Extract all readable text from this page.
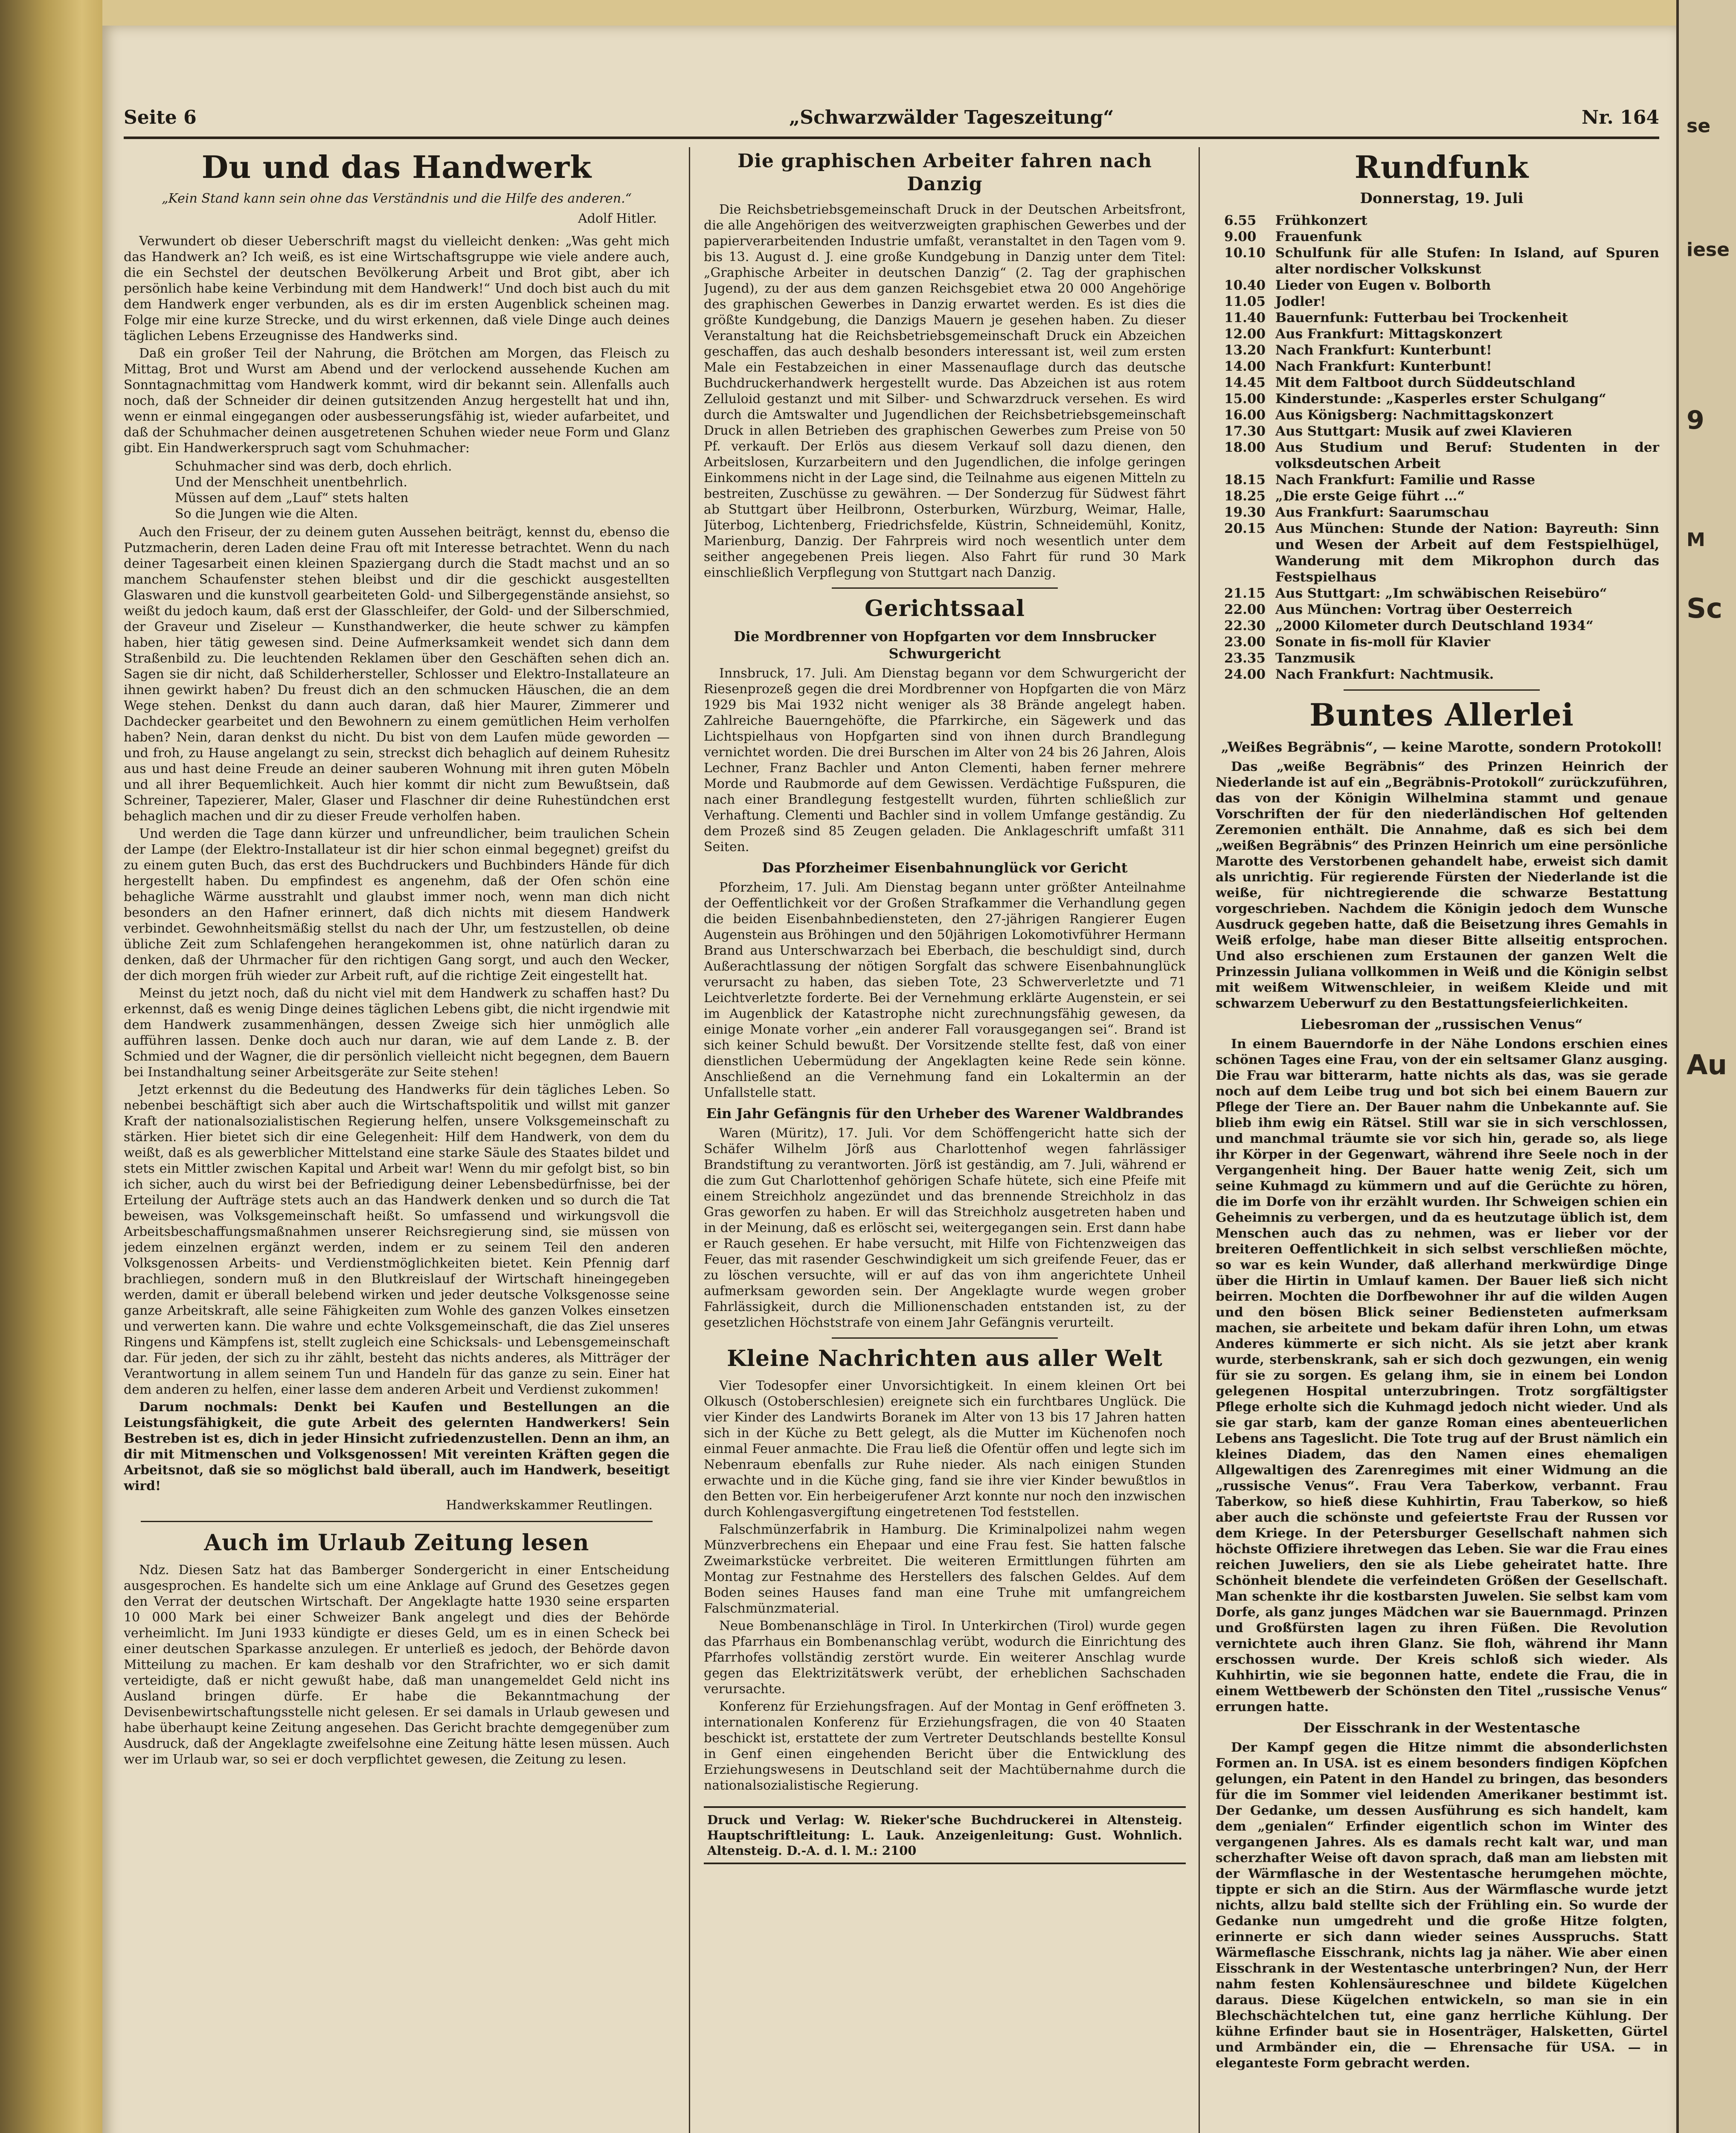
se
iese
9
M
Sc
Au
Seite 6	„Schwarzwälder Tageszeitung“	Nr. 164
Du und das Handwerk
„Kein Stand kann sein ohne das Verständnis und die Hilfe des anderen.“
Adolf Hitler.

Verwundert ob dieser Ueberschrift magst du vielleicht denken: „Was geht mich das Handwerk an? Ich weiß, es ist eine Wirtschaftsgruppe wie viele andere auch, die ein Sechstel der deutschen Bevölkerung Arbeit und Brot gibt, aber ich persönlich habe keine Verbindung mit dem Handwerk!“ Und doch bist auch du mit dem Handwerk enger verbunden, als es dir im ersten Augenblick scheinen mag. Folge mir eine kurze Strecke, und du wirst erkennen, daß viele Dinge auch deines täglichen Lebens Erzeugnisse des Handwerks sind.

Daß ein großer Teil der Nahrung, die Brötchen am Morgen, das Fleisch zu Mittag, Brot und Wurst am Abend und der verlockend aussehende Kuchen am Sonntagnachmittag vom Handwerk kommt, wird dir bekannt sein. Allenfalls auch noch, daß der Schneider dir deinen gutsitzenden Anzug hergestellt hat und ihn, wenn er einmal eingegangen oder ausbesserungsfähig ist, wieder aufarbeitet, und daß der Schuhmacher deinen ausgetretenen Schuhen wieder neue Form und Glanz gibt. Ein Handwerkerspruch sagt vom Schuhmacher:

Schuhmacher sind was derb, doch ehrlich.
Und der Menschheit unentbehrlich.
Müssen auf dem „Lauf“ stets halten
So die Jungen wie die Alten.

Auch den Friseur, der zu deinem guten Aussehen beiträgt, kennst du, ebenso die Putzmacherin, deren Laden deine Frau oft mit Interesse betrachtet. Wenn du nach deiner Tagesarbeit einen kleinen Spaziergang durch die Stadt machst und an so manchem Schaufenster stehen bleibst und dir die geschickt ausgestellten Glaswaren und die kunstvoll gearbeiteten Gold- und Silbergegenstände ansiehst, so weißt du jedoch kaum, daß erst der Glasschleifer, der Gold- und der Silberschmied, der Graveur und Ziseleur — Kunsthandwerker, die heute schwer zu kämpfen haben, hier tätig gewesen sind. Deine Aufmerksamkeit wendet sich dann dem Straßenbild zu. Die leuchtenden Reklamen über den Geschäften sehen dich an. Sagen sie dir nicht, daß Schilderhersteller, Schlosser und Elektro-Installateure an ihnen gewirkt haben? Du freust dich an den schmucken Häuschen, die an dem Wege stehen. Denkst du dann auch daran, daß hier Maurer, Zimmerer und Dachdecker gearbeitet und den Bewohnern zu einem gemütlichen Heim verholfen haben? Nein, daran denkst du nicht. Du bist von dem Laufen müde geworden — und froh, zu Hause angelangt zu sein, streckst dich behaglich auf deinem Ruhesitz aus und hast deine Freude an deiner sauberen Wohnung mit ihren guten Möbeln und all ihrer Bequemlichkeit. Auch hier kommt dir nicht zum Bewußtsein, daß Schreiner, Tapezierer, Maler, Glaser und Flaschner dir deine Ruhestündchen erst behaglich machen und dir zu dieser Freude verholfen haben.

Und werden die Tage dann kürzer und unfreundlicher, beim traulichen Schein der Lampe (der Elektro-Installateur ist dir hier schon einmal begegnet) greifst du zu einem guten Buch, das erst des Buchdruckers und Buchbinders Hände für dich hergestellt haben. Du empfindest es angenehm, daß der Ofen schön eine behagliche Wärme ausstrahlt und glaubst immer noch, wenn man dich nicht besonders an den Hafner erinnert, daß dich nichts mit diesem Handwerk verbindet. Gewohnheitsmäßig stellst du nach der Uhr, um festzustellen, ob deine übliche Zeit zum Schlafengehen herangekommen ist, ohne natürlich daran zu denken, daß der Uhrmacher für den richtigen Gang sorgt, und auch den Wecker, der dich morgen früh wieder zur Arbeit ruft, auf die richtige Zeit eingestellt hat.

Meinst du jetzt noch, daß du nicht viel mit dem Handwerk zu schaffen hast? Du erkennst, daß es wenig Dinge deines täglichen Lebens gibt, die nicht irgendwie mit dem Handwerk zusammenhängen, dessen Zweige sich hier unmöglich alle aufführen lassen. Denke doch auch nur daran, wie auf dem Lande z. B. der Schmied und der Wagner, die dir persönlich vielleicht nicht begegnen, dem Bauern bei Instandhaltung seiner Arbeitsgeräte zur Seite stehen!

Jetzt erkennst du die Bedeutung des Handwerks für dein tägliches Leben. So nebenbei beschäftigt sich aber auch die Wirtschaftspolitik und willst mit ganzer Kraft der nationalsozialistischen Regierung helfen, unsere Volksgemeinschaft zu stärken. Hier bietet sich dir eine Gelegenheit: Hilf dem Handwerk, von dem du weißt, daß es als gewerblicher Mittelstand eine starke Säule des Staates bildet und stets ein Mittler zwischen Kapital und Arbeit war! Wenn du mir gefolgt bist, so bin ich sicher, auch du wirst bei der Befriedigung deiner Lebensbedürfnisse, bei der Erteilung der Aufträge stets auch an das Handwerk denken und so durch die Tat beweisen, was Volksgemeinschaft heißt. So umfassend und wirkungsvoll die Arbeitsbeschaffungsmaßnahmen unserer Reichsregierung sind, sie müssen von jedem einzelnen ergänzt werden, indem er zu seinem Teil den anderen Volksgenossen Arbeits- und Verdienstmöglichkeiten bietet. Kein Pfennig darf brachliegen, sondern muß in den Blutkreislauf der Wirtschaft hineingegeben werden, damit er überall belebend wirken und jeder deutsche Volksgenosse seine ganze Arbeitskraft, alle seine Fähigkeiten zum Wohle des ganzen Volkes einsetzen und verwerten kann. Die wahre und echte Volksgemeinschaft, die das Ziel unseres Ringens und Kämpfens ist, stellt zugleich eine Schicksals- und Lebensgemeinschaft dar. Für jeden, der sich zu ihr zählt, besteht das nichts anderes, als Mitträger der Verantwortung in allem seinem Tun und Handeln für das ganze zu sein. Einer hat dem anderen zu helfen, einer lasse dem anderen Arbeit und Verdienst zukommen!

Darum nochmals: Denkt bei Kaufen und Bestellungen an die Leistungsfähigkeit, die gute Arbeit des gelernten Handwerkers! Sein Bestreben ist es, dich in jeder Hinsicht zufriedenzustellen. Denn an ihm, an dir mit Mitmenschen und Volksgenossen! Mit vereinten Kräften gegen die Arbeitsnot, daß sie so möglichst bald überall, auch im Handwerk, beseitigt wird!

Handwerkskammer Reutlingen.
Auch im Urlaub Zeitung lesen

Ndz. Diesen Satz hat das Bamberger Sondergericht in einer Entscheidung ausgesprochen. Es handelte sich um eine Anklage auf Grund des Gesetzes gegen den Verrat der deutschen Wirtschaft. Der Angeklagte hatte 1930 seine ersparten 10 000 Mark bei einer Schweizer Bank angelegt und dies der Behörde verheimlicht. Im Juni 1933 kündigte er dieses Geld, um es in einen Scheck bei einer deutschen Sparkasse anzulegen. Er unterließ es jedoch, der Behörde davon Mitteilung zu machen. Er kam deshalb vor den Strafrichter, wo er sich damit verteidigte, daß er nicht gewußt habe, daß man unangemeldet Geld nicht ins Ausland bringen dürfe. Er habe die Bekanntmachung der Devisenbewirtschaftungsstelle nicht gelesen. Er sei damals in Urlaub gewesen und habe überhaupt keine Zeitung angesehen. Das Gericht brachte demgegenüber zum Ausdruck, daß der Angeklagte zweifelsohne eine Zeitung hätte lesen müssen. Auch wer im Urlaub war, so sei er doch verpflichtet gewesen, die Zeitung zu lesen.

Die graphischen Arbeiter fahren nach Danzig

Die Reichsbetriebsgemeinschaft Druck in der Deutschen Arbeitsfront, die alle Angehörigen des weitverzweigten graphischen Gewerbes und der papierverarbeitenden Industrie umfaßt, veranstaltet in den Tagen vom 9. bis 13. August d. J. eine große Kundgebung in Danzig unter dem Titel: „Graphische Arbeiter in deutschen Danzig“ (2. Tag der graphischen Jugend), zu der aus dem ganzen Reichsgebiet etwa 20 000 Angehörige des graphischen Gewerbes in Danzig erwartet werden. Es ist dies die größte Kundgebung, die Danzigs Mauern je gesehen haben. Zu dieser Veranstaltung hat die Reichsbetriebsgemeinschaft Druck ein Abzeichen geschaffen, das auch deshalb besonders interessant ist, weil zum ersten Male ein Festabzeichen in einer Massenauflage durch das deutsche Buchdruckerhandwerk hergestellt wurde. Das Abzeichen ist aus rotem Zelluloid gestanzt und mit Silber- und Schwarzdruck versehen. Es wird durch die Amtswalter und Jugendlichen der Reichsbetriebsgemeinschaft Druck in allen Betrieben des graphischen Gewerbes zum Preise von 50 Pf. verkauft. Der Erlös aus diesem Verkauf soll dazu dienen, den Arbeitslosen, Kurzarbeitern und den Jugendlichen, die infolge geringen Einkommens nicht in der Lage sind, die Teilnahme aus eigenen Mitteln zu bestreiten, Zuschüsse zu gewähren. — Der Sonderzug für Südwest fährt ab Stuttgart über Heilbronn, Osterburken, Würzburg, Weimar, Halle, Jüterbog, Lichtenberg, Friedrichsfelde, Küstrin, Schneidemühl, Konitz, Marienburg, Danzig. Der Fahrpreis wird noch wesentlich unter dem seither angegebenen Preis liegen. Also Fahrt für rund 30 Mark einschließlich Verpflegung von Stuttgart nach Danzig.

Gerichtssaal
Die Mordbrenner von Hopfgarten vor dem Innsbrucker Schwurgericht

Innsbruck, 17. Juli. Am Dienstag begann vor dem Schwurgericht der Riesenprozeß gegen die drei Mordbrenner von Hopfgarten die von März 1929 bis Mai 1932 nicht weniger als 38 Brände angelegt haben. Zahlreiche Bauerngehöfte, die Pfarrkirche, ein Sägewerk und das Lichtspielhaus von Hopfgarten sind von ihnen durch Brandlegung vernichtet worden. Die drei Burschen im Alter von 24 bis 26 Jahren, Alois Lechner, Franz Bachler und Anton Clementi, haben ferner mehrere Morde und Raubmorde auf dem Gewissen. Verdächtige Fußspuren, die nach einer Brandlegung festgestellt wurden, führten schließlich zur Verhaftung. Clementi und Bachler sind in vollem Umfange geständig. Zu dem Prozeß sind 85 Zeugen geladen. Die Anklageschrift umfaßt 311 Seiten.

Das Pforzheimer Eisenbahnunglück vor Gericht

Pforzheim, 17. Juli. Am Dienstag begann unter größter Anteilnahme der Oeffentlichkeit vor der Großen Strafkammer die Verhandlung gegen die beiden Eisenbahnbediensteten, den 27-jährigen Rangierer Eugen Augenstein aus Bröhingen und den 50jährigen Lokomotivführer Hermann Brand aus Unterschwarzach bei Eberbach, die beschuldigt sind, durch Außerachtlassung der nötigen Sorgfalt das schwere Eisenbahnunglück verursacht zu haben, das sieben Tote, 23 Schwerverletzte und 71 Leichtverletzte forderte. Bei der Vernehmung erklärte Augenstein, er sei im Augenblick der Katastrophe nicht zurechnungsfähig gewesen, da einige Monate vorher „ein anderer Fall vorausgegangen sei“. Brand ist sich keiner Schuld bewußt. Der Vorsitzende stellte fest, daß von einer dienstlichen Uebermüdung der Angeklagten keine Rede sein könne. Anschließend an die Vernehmung fand ein Lokaltermin an der Unfallstelle statt.

Ein Jahr Gefängnis für den Urheber des Warener Waldbrandes

Waren (Müritz), 17. Juli. Vor dem Schöffengericht hatte sich der Schäfer Wilhelm Jörß aus Charlottenhof wegen fahrlässiger Brandstiftung zu verantworten. Jörß ist geständig, am 7. Juli, während er die zum Gut Charlottenhof gehörigen Schafe hütete, sich eine Pfeife mit einem Streichholz angezündet und das brennende Streichholz in das Gras geworfen zu haben. Er will das Streichholz ausgetreten haben und in der Meinung, daß es erlöscht sei, weitergegangen sein. Erst dann habe er Rauch gesehen. Er habe versucht, mit Hilfe von Fichtenzweigen das Feuer, das mit rasender Geschwindigkeit um sich greifende Feuer, das er zu löschen versuchte, will er auf das von ihm angerichtete Unheil aufmerksam geworden sein. Der Angeklagte wurde wegen grober Fahrlässigkeit, durch die Millionenschaden entstanden ist, zu der gesetzlichen Höchststrafe von einem Jahr Gefängnis verurteilt.

Kleine Nachrichten aus aller Welt

Vier Todesopfer einer Unvorsichtigkeit. In einem kleinen Ort bei Olkusch (Ostoberschlesien) ereignete sich ein furchtbares Unglück. Die vier Kinder des Landwirts Boranek im Alter von 13 bis 17 Jahren hatten sich in der Küche zu Bett gelegt, als die Mutter im Küchenofen noch einmal Feuer anmachte. Die Frau ließ die Ofentür offen und legte sich im Nebenraum ebenfalls zur Ruhe nieder. Als nach einigen Stunden erwachte und in die Küche ging, fand sie ihre vier Kinder bewußtlos in den Betten vor. Ein herbeigerufener Arzt konnte nur noch den inzwischen durch Kohlengasvergiftung eingetretenen Tod feststellen.

Falschmünzerfabrik in Hamburg. Die Kriminalpolizei nahm wegen Münzverbrechens ein Ehepaar und eine Frau fest. Sie hatten falsche Zweimarkstücke verbreitet. Die weiteren Ermittlungen führten am Montag zur Festnahme des Herstellers des falschen Geldes. Auf dem Boden seines Hauses fand man eine Truhe mit umfangreichem Falschmünzmaterial.

Neue Bombenanschläge in Tirol. In Unterkirchen (Tirol) wurde gegen das Pfarrhaus ein Bombenanschlag verübt, wodurch die Einrichtung des Pfarrhofes vollständig zerstört wurde. Ein weiterer Anschlag wurde gegen das Elektrizitätswerk verübt, der erheblichen Sachschaden verursachte.

Konferenz für Erziehungsfragen. Auf der Montag in Genf eröffneten 3. internationalen Konferenz für Erziehungsfragen, die von 40 Staaten beschickt ist, erstattete der zum Vertreter Deutschlands bestellte Konsul in Genf einen eingehenden Bericht über die Entwicklung des Erziehungswesens in Deutschland seit der Machtübernahme durch die nationalsozialistische Regierung.

Druck und Verlag: W. Rieker'sche Buchdruckerei in Altensteig. Hauptschriftleitung: L. Lauk. Anzeigenleitung: Gust. Wohnlich. Altensteig. D.-A. d. l. M.: 2100
Rundfunk
Donnerstag, 19. Juli
6.55	Frühkonzert
9.00	Frauenfunk
10.10 Schulfunk für alle Stufen: In Island, auf Spuren alter nordischer Volkskunst
10.40 Lieder von Eugen v. Bolborth
11.05 Jodler!
11.40 Bauernfunk: Futterbau bei Trockenheit
12.00 Aus Frankfurt: Mittagskonzert
13.20 Nach Frankfurt: Kunterbunt!
14.00 Nach Frankfurt: Kunterbunt!
14.45 Mit dem Faltboot durch Süddeutschland
15.00 Kinderstunde: „Kasperles erster Schulgang“
16.00 Aus Königsberg: Nachmittagskonzert
17.30 Aus Stuttgart: Musik auf zwei Klavieren
18.00 Aus Studium und Beruf: Studenten in der volksdeutschen Arbeit
18.15 Nach Frankfurt: Familie und Rasse
18.25 „Die erste Geige führt …“
19.30 Aus Frankfurt: Saarumschau
20.15 Aus München: Stunde der Nation: Bayreuth: Sinn und Wesen der Arbeit auf dem Festspielhügel, Wanderung mit dem Mikrophon durch das Festspielhaus
21.15 Aus Stuttgart: „Im schwäbischen Reisebüro“
22.00 Aus München: Vortrag über Oesterreich
22.30 „2000 Kilometer durch Deutschland 1934“
23.00 Sonate in fis-moll für Klavier
23.35 Tanzmusik
24.00 Nach Frankfurt: Nachtmusik.
Buntes Allerlei
„Weißes Begräbnis“, — keine Marotte, sondern Protokoll!

Das „weiße Begräbnis“ des Prinzen Heinrich der Niederlande ist auf ein „Begräbnis-Protokoll“ zurückzuführen, das von der Königin Wilhelmina stammt und genaue Vorschriften der für den niederländischen Hof geltenden Zeremonien enthält. Die Annahme, daß es sich bei dem „weißen Begräbnis“ des Prinzen Heinrich um eine persönliche Marotte des Verstorbenen gehandelt habe, erweist sich damit als unrichtig. Für regierende Fürsten der Niederlande ist die weiße, für nichtregierende die schwarze Bestattung vorgeschrieben. Nachdem die Königin jedoch dem Wunsche Ausdruck gegeben hatte, daß die Beisetzung ihres Gemahls in Weiß erfolge, habe man dieser Bitte allseitig entsprochen. Und also erschienen zum Erstaunen der ganzen Welt die Prinzessin Juliana vollkommen in Weiß und die Königin selbst mit weißem Witwenschleier, in weißem Kleide und mit schwarzem Ueberwurf zu den Bestattungsfeierlichkeiten.

Liebesroman der „russischen Venus“

In einem Bauerndorfe in der Nähe Londons erschien eines schönen Tages eine Frau, von der ein seltsamer Glanz ausging. Die Frau war bitterarm, hatte nichts als das, was sie gerade noch auf dem Leibe trug und bot sich bei einem Bauern zur Pflege der Tiere an. Der Bauer nahm die Unbekannte auf. Sie blieb ihm ewig ein Rätsel. Still war sie in sich verschlossen, und manchmal träumte sie vor sich hin, gerade so, als liege ihr Körper in der Gegenwart, während ihre Seele noch in der Vergangenheit hing. Der Bauer hatte wenig Zeit, sich um seine Kuhmagd zu kümmern und auf die Gerüchte zu hören, die im Dorfe von ihr erzählt wurden. Ihr Schweigen schien ein Geheimnis zu verbergen, und da es heutzutage üblich ist, dem Menschen auch das zu nehmen, was er lieber vor der breiteren Oeffentlichkeit in sich selbst verschließen möchte, so war es kein Wunder, daß allerhand merkwürdige Dinge über die Hirtin in Umlauf kamen. Der Bauer ließ sich nicht beirren. Mochten die Dorfbewohner ihr auf die wilden Augen und den bösen Blick seiner Bediensteten aufmerksam machen, sie arbeitete und bekam dafür ihren Lohn, um etwas Anderes kümmerte er sich nicht. Als sie jetzt aber krank wurde, sterbenskrank, sah er sich doch gezwungen, ein wenig für sie zu sorgen. Es gelang ihm, sie in einem bei London gelegenen Hospital unterzubringen. Trotz sorgfältigster Pflege erholte sich die Kuhmagd jedoch nicht wieder. Und als sie gar starb, kam der ganze Roman eines abenteuerlichen Lebens ans Tageslicht. Die Tote trug auf der Brust nämlich ein kleines Diadem, das den Namen eines ehemaligen Allgewaltigen des Zarenregimes mit einer Widmung an die „russische Venus“. Frau Vera Taberkow, verbannt. Frau Taberkow, so hieß diese Kuhhirtin, Frau Taberkow, so hieß aber auch die schönste und gefeiertste Frau der Russen vor dem Kriege. In der Petersburger Gesellschaft nahmen sich höchste Offiziere ihretwegen das Leben. Sie war die Frau eines reichen Juweliers, den sie als Liebe geheiratet hatte. Ihre Schönheit blendete die verfeindeten Größen der Gesellschaft. Man schenkte ihr die kostbarsten Juwelen. Sie selbst kam vom Dorfe, als ganz junges Mädchen war sie Bauernmagd. Prinzen und Großfürsten lagen zu ihren Füßen. Die Revolution vernichtete auch ihren Glanz. Sie floh, während ihr Mann erschossen wurde. Der Kreis schloß sich wieder. Als Kuhhirtin, wie sie begonnen hatte, endete die Frau, die in einem Wettbewerb der Schönsten den Titel „russische Venus“ errungen hatte.

Der Eisschrank in der Westentasche

Der Kampf gegen die Hitze nimmt die absonderlichsten Formen an. In USA. ist es einem besonders findigen Köpfchen gelungen, ein Patent in den Handel zu bringen, das besonders für die im Sommer viel leidenden Amerikaner bestimmt ist. Der Gedanke, um dessen Ausführung es sich handelt, kam dem „genialen“ Erfinder eigentlich schon im Winter des vergangenen Jahres. Als es damals recht kalt war, und man scherzhafter Weise oft davon sprach, daß man am liebsten mit der Wärmflasche in der Westentasche herumgehen möchte, tippte er sich an die Stirn. Aus der Wärmflasche wurde jetzt nichts, allzu bald stellte sich der Frühling ein. So wurde der Gedanke nun umgedreht und die große Hitze folgten, erinnerte er sich dann wieder seines Ausspruchs. Statt Wärmeflasche Eisschrank, nichts lag ja näher. Wie aber einen Eisschrank in der Westentasche unterbringen? Nun, der Herr nahm festen Kohlensäureschnee und bildete Kügelchen daraus. Diese Kügelchen entwickeln, so man sie in ein Blechschächtelchen tut, eine ganz herrliche Kühlung. Der kühne Erfinder baut sie in Hosenträger, Halsketten, Gürtel und Armbänder ein, die — Ehrensache für USA. — in eleganteste Form gebracht werden.
